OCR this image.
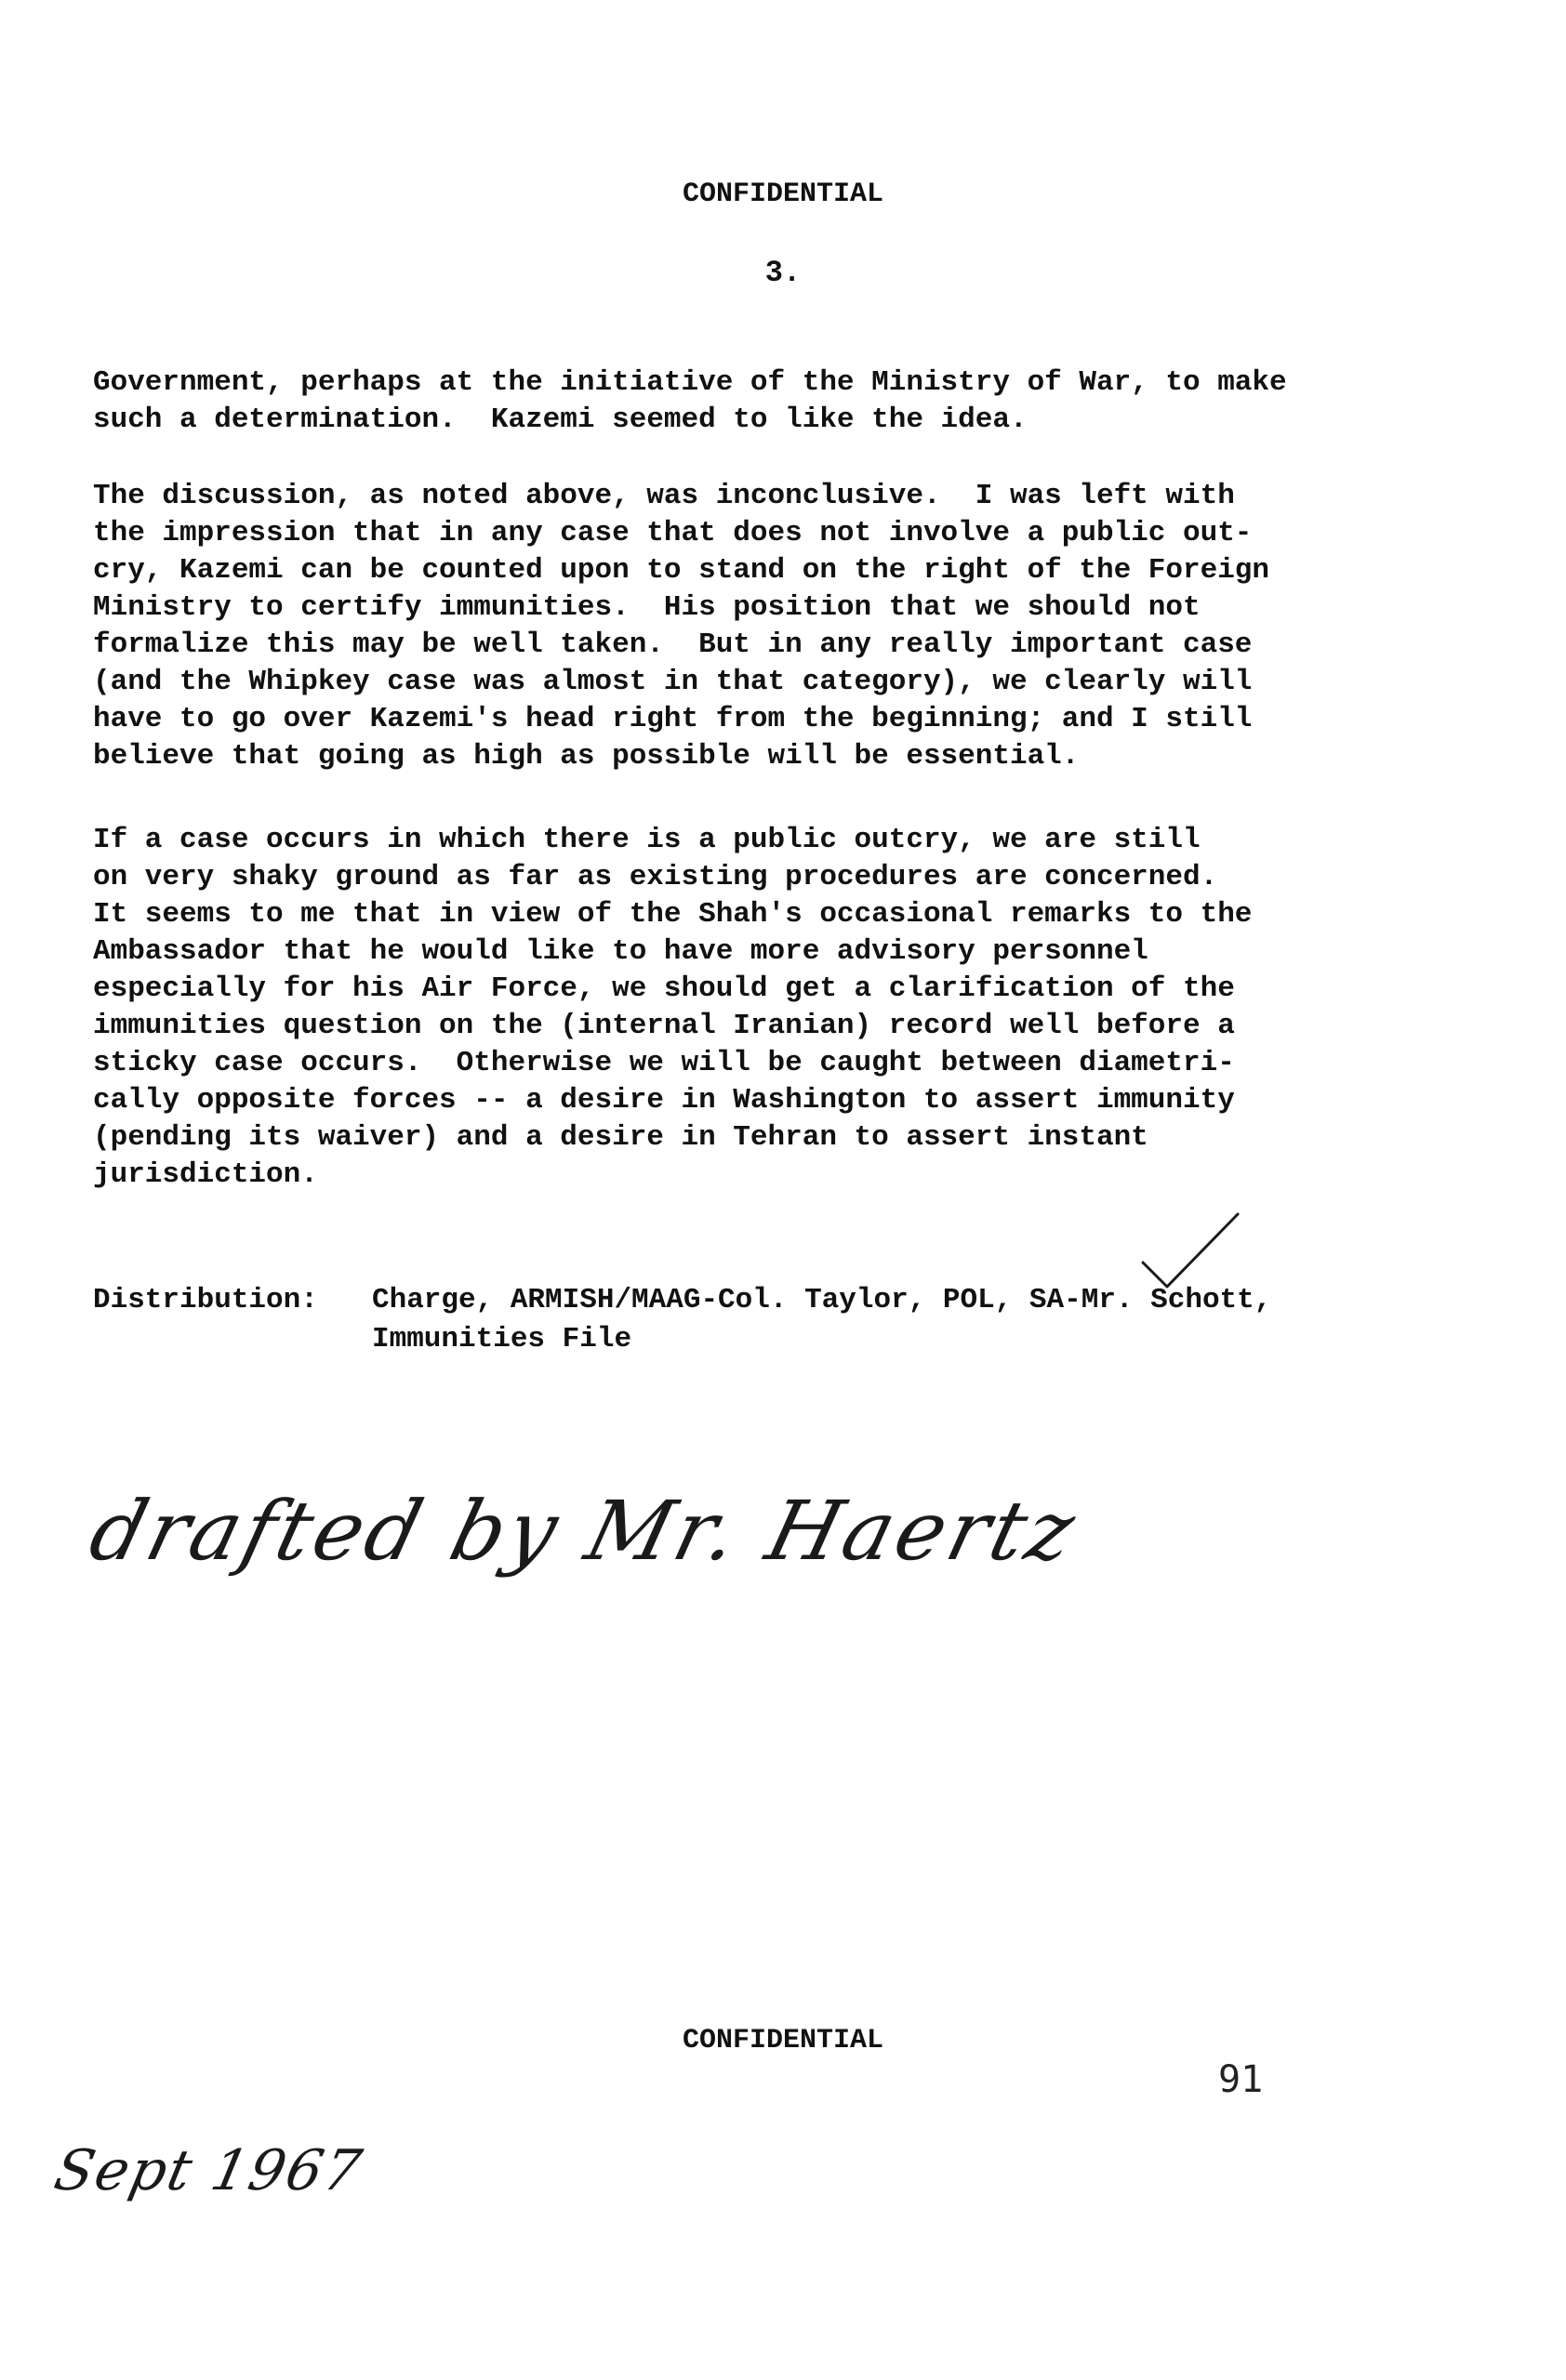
CONFIDENTIAL
3.
Government, perhaps at the initiative of the Ministry of War, to make
such a determination.  Kazemi seemed to like the idea.
The discussion, as noted above, was inconclusive.  I was left with
the impression that in any case that does not involve a public out-
cry, Kazemi can be counted upon to stand on the right of the Foreign
Ministry to certify immunities.  His position that we should not
formalize this may be well taken.  But in any really important case
(and the Whipkey case was almost in that category), we clearly will
have to go over Kazemi's head right from the beginning; and I still
believe that going as high as possible will be essential.
If a case occurs in which there is a public outcry, we are still
on very shaky ground as far as existing procedures are concerned.
It seems to me that in view of the Shah's occasional remarks to the
Ambassador that he would like to have more advisory personnel
especially for his Air Force, we should get a clarification of the
immunities question on the (internal Iranian) record well before a
sticky case occurs.  Otherwise we will be caught between diametri-
cally opposite forces -- a desire in Washington to assert immunity
(pending its waiver) and a desire in Tehran to assert instant
jurisdiction.
Distribution: Charge, ARMISH/MAAG-Col. Taylor, POL, SA-Mr. Schott,
Immunities File
drafted by Mr. Haertz
CONFIDENTIAL
91
Sept 1967
